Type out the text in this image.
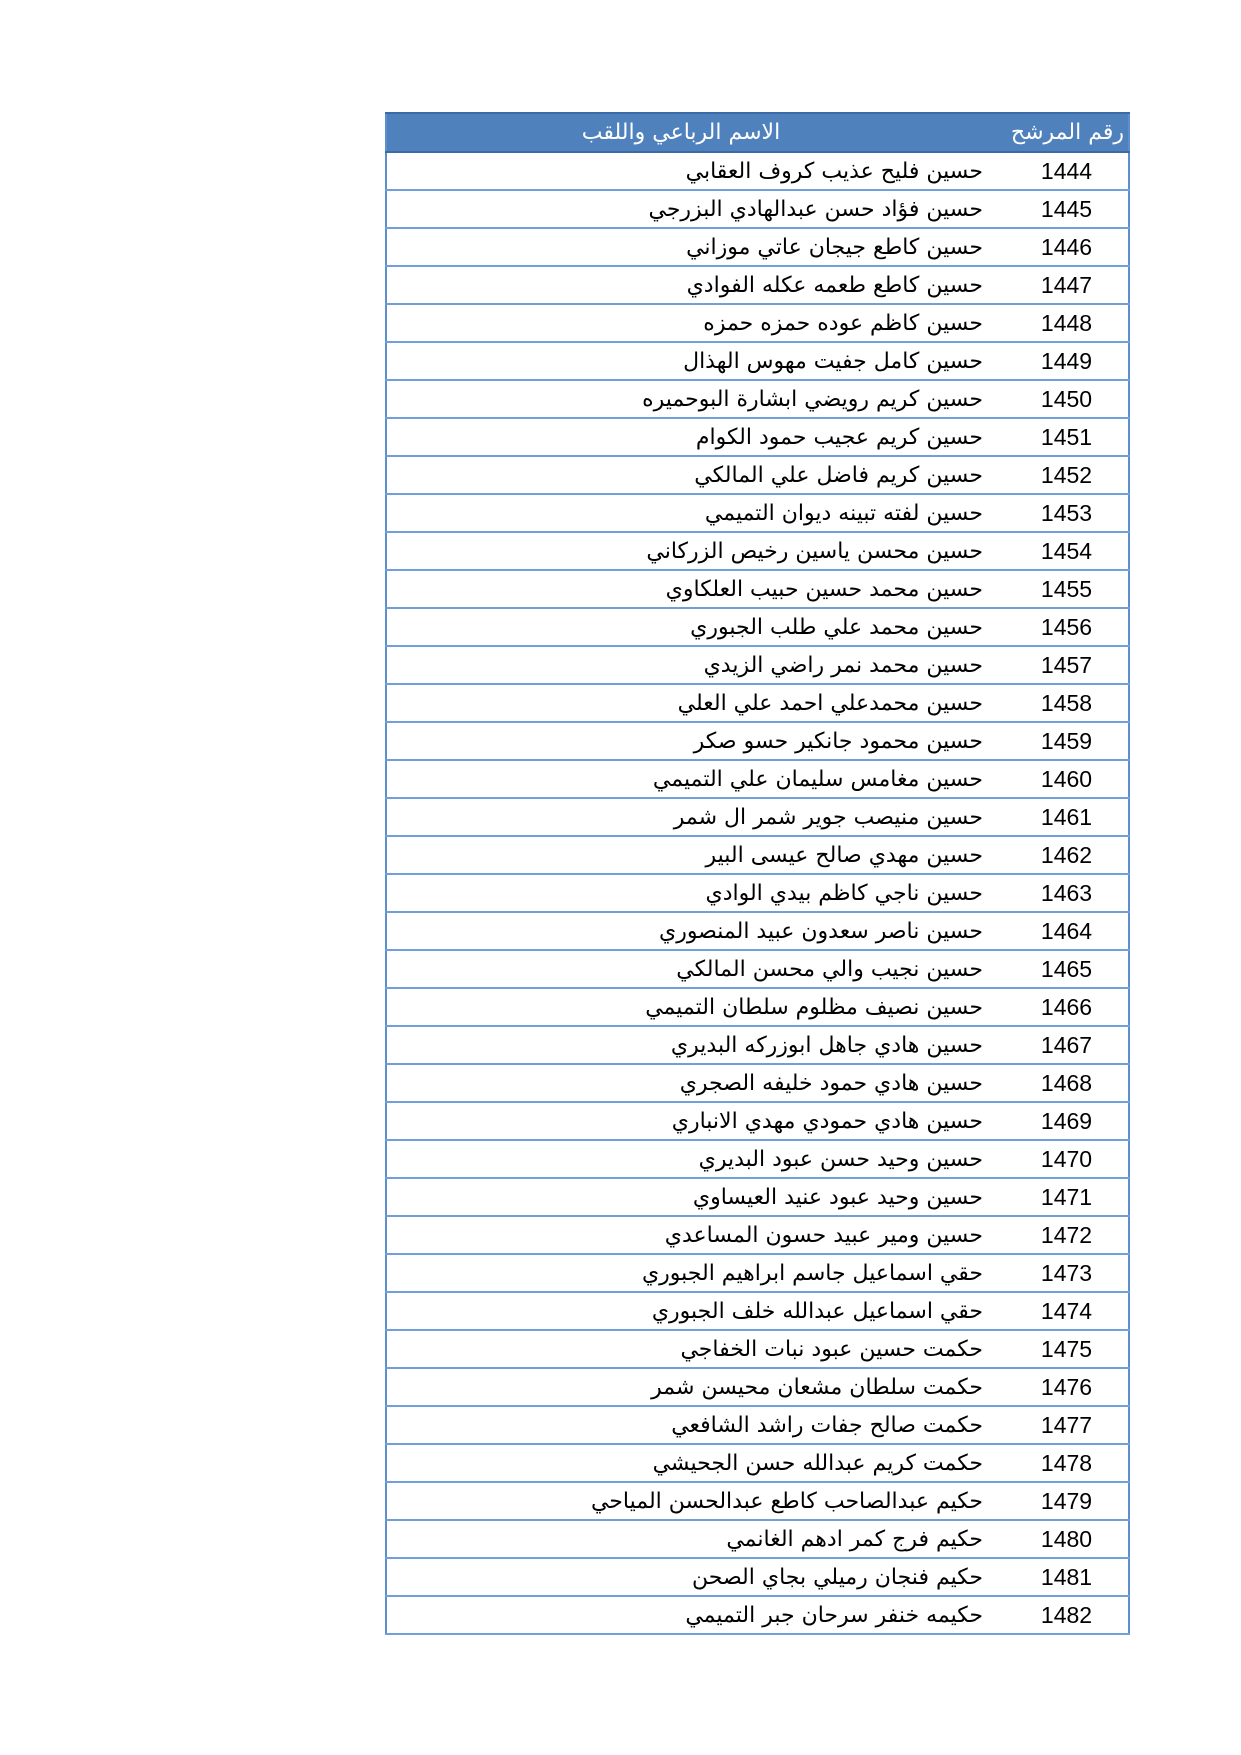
رقم المرشح	الاسم الرباعي واللقب
1444	حسين فليح عذيب كروف العقابي
1445	حسين فؤاد حسن عبدالهادي البزرجي
1446	حسين كاطع جيجان عاتي موزاني
1447	حسين كاطع طعمه عكله الفوادي
1448	حسين كاظم عوده حمزه حمزه
1449	حسين كامل جفيت مهوس الهذال
1450	حسين كريم رويضي ابشارة البوحميره
1451	حسين كريم عجيب حمود الكوام
1452	حسين كريم فاضل علي المالكي
1453	حسين لفته تبينه ديوان التميمي
1454	حسين محسن ياسين رخيص الزركاني
1455	حسين محمد حسين حبيب العلكاوي
1456	حسين محمد علي طلب الجبوري
1457	حسين محمد نمر راضي الزيدي
1458	حسين محمدعلي احمد علي العلي
1459	حسين محمود جانكير حسو صكر
1460	حسين مغامس سليمان علي التميمي
1461	حسين منيصب جوير شمر ال شمر
1462	حسين مهدي صالح عيسى البير
1463	حسين ناجي كاظم بيدي الوادي
1464	حسين ناصر سعدون عبيد المنصوري
1465	حسين نجيب والي محسن المالكي
1466	حسين نصيف مظلوم سلطان التميمي
1467	حسين هادي جاهل ابوزركه البديري
1468	حسين هادي حمود خليفه الصجري
1469	حسين هادي حمودي مهدي الانباري
1470	حسين وحيد حسن عبود البديري
1471	حسين وحيد عبود عنيد العيساوي
1472	حسين ومير عبيد حسون المساعدي
1473	حقي اسماعيل جاسم ابراهيم الجبوري
1474	حقي اسماعيل عبدالله خلف الجبوري
1475	حكمت حسين عبود نبات الخفاجي
1476	حكمت سلطان مشعان محيسن شمر
1477	حكمت صالح جفات راشد الشافعي
1478	حكمت كريم عبدالله حسن الجحيشي
1479	حكيم عبدالصاحب كاطع عبدالحسن المياحي
1480	حكيم فرج كمر ادهم الغانمي
1481	حكيم فنجان رميلي بجاي الصحن
1482	حكيمه خنفر سرحان جبر التميمي
